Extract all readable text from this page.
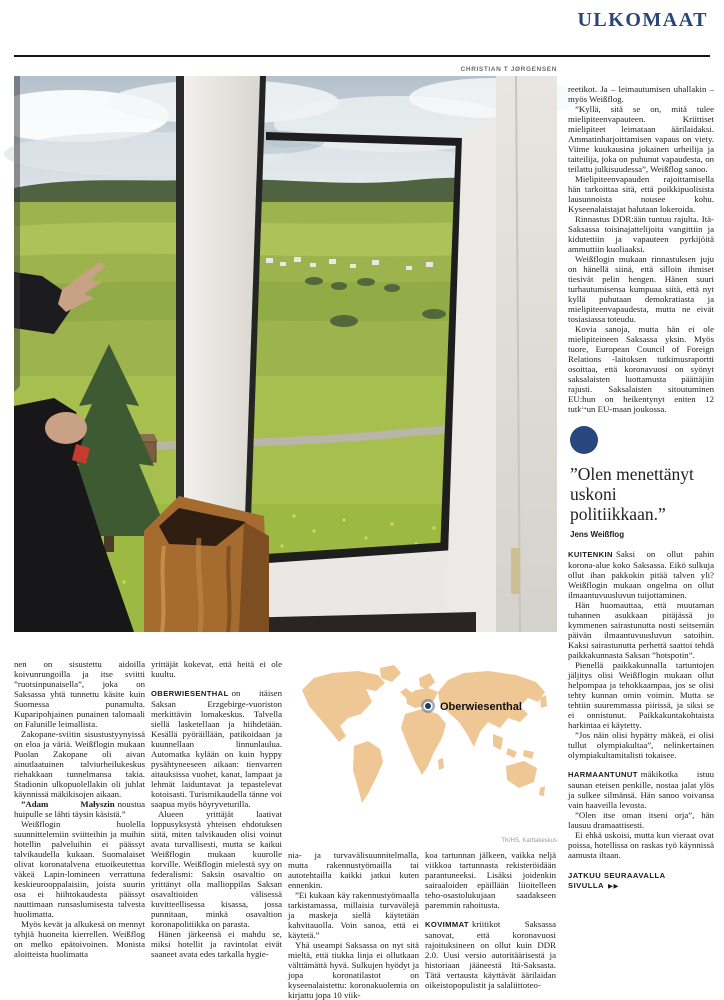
ULKOMAAT
CHRISTIAN T JØRGENSEN

reetikot. Ja – leimautumisen uhallakin – myös Weißflog.

”Kyllä, sitä se on, mitä tulee mielipiteenvapauteen. Kriittiset mielipiteet leimataan äärilaidaksi. Ammatinharjoittamisen vapaus on viety. Viime kuukausina jokainen urheilija ja taiteilija, joka on puhunut vapaudesta, on teilattu julkisuudessa”, Weißflog sanoo.

Mielipiteenvapauden rajoittamisella hän tarkoittaa sitä, että poikkipuolisista lausunnoista nousee kohu. Kyseenalaistajat halutaan lokeroida.

Rinnastus DDR:ään tuntuu rajulta. Itä-Saksassa toisinajattelijoita vangittiin ja kidutettiin ja vapauteen pyrkijöitä ammuttiin kuoliaaksi.

Weißflogin mukaan rinnastuksen juju on hänellä siinä, että silloin ihmiset tiesivät pelin hengen. Hänen suuri turhautumisensa kumpuaa siitä, että nyt kyllä puhutaan demokratiasta ja mielipiteenvapaudesta, mutta ne eivät tosiasiassa toteudu.

Kovia sanoja, mutta hän ei ole mielipiteineen Saksassa yksin. Myös tuore, European Council of Foreign Relations -laitoksen tutkimusraportti osoittaa, että koronavuosi on syönyt saksalaisten luottamusta päättäjiin rajusti. Saksalaisten sitoutuminen EU:hun on heikentynyt eniten 12 tutkitun EU-maan joukossa.

’
”Olen menettänyt uskoni politiikkaan.”
Jens Weißflog

KUITENKIN Saksi on ollut pahin korona-alue koko Saksassa. Eikö sulkuja ollut ihan pakkokin pitää talven yli? Weißflogin mukaan ongelma on ollut ilmaantuvuusluvun tuijottaminen.

Hän huomauttaa, että muutaman tuhannen asukkaan pitäjässä jo kymmenen sairastunutta nosti seitsemän päivän ilmaantuvuusluvun satoihin. Kaksi sairastunutta perhettä saattoi tehdä paikkakunnasta Saksan ”hotspotin”.

Pienellä paikkakunnalla tartuntojen jäljitys olisi Weißflogin mukaan ollut helpompaa ja tehokkaampaa, jos se olisi tehty kunnan omin voimin. Mutta se tehtiin suuremmassa piirissä, ja siksi se ei onnistunut. Paikkakuntakohtaista harkintaa ei käytetty.

”Jos näin olisi hypätty mäkeä, ei olisi tullut olympiakultaa”, nelinkertainen olympiakultamitalisti tokaisee.

HARMAANTUNUT mäkikotka istuu saunan eteisen penkille, nostaa jalat ylös ja sulkee silmänsä. Hän sanoo voivansa vain haaveilla levosta.

”Olen itse oman itseni orja”, hän lausuu dramaattisesti.

Ei ehkä uskoisi, mutta kun vieraat ovat poissa, hotellissa on raskas työ käynnissä aamusta iltaan.

JATKUU SEURAAVALLA SIVULLA ▶▶

nen on sisustettu aidoilla koivunrungoilla ja itse sviitti ”ruotsinpunaisella”, joka on Saksassa yhtä tunnettu käsite kuin Suomessa punamulta. Kuparipohjainen punainen talomaali on Falunille leimallista.

Zakopane-sviitin sisustustyynyissä on eloa ja väriä. Weißflogin mukaan Puolan Zakopane oli aivan ainutlaatuinen talviurheilukeskus riehakkaan tunnelmansa takia. Stadionin ulkopuolellakin oli juhlat käynnissä mäkikisojen aikaan.

”Adam Małyszin noustua huipulle se lähti täysin käsistä.”

Weißflogin huolella suunnittelemiin sviitteihin ja muihin hotellin palveluihin ei päässyt talvikaudella kukaan. Suomalaiset olivat koronatalvena etuoikeutettua väkeä Lapin-lomineen verrattuna keskieurooppalaisiin, joista suurin osa ei hiihtokaudesta päässyt nauttimaan runsaslumisesta talvesta huolimatta.

Myös kevät ja alkukesä on mennyt tyhjiä huoneita kierrellen. Weißflog on melko epätoivoinen. Monista aloitteista huolimatta

yrittäjät kokevat, että heitä ei ole kuultu.

OBERWIESENTHAL on itäisen Saksan Erzgebirge-vuoriston merkittävin lomakeskus. Talvella siellä lasketellaan ja hiihdetään. Kesällä pyöräillään, patikoidaan ja kuunnellaan linnunlaulua. Automatka kylään on kuin hyppy pysähtyneeseen aikaan: tienvarren aitauksissa vuohet, kanat, lampaat ja lehmät laiduntavat ja tepastelevat kotoisasti. Turismikaudella tänne voi saapua myös höyryveturilla.

Alueen yrittäjät laativat loppusyksystä yhteisen ehdotuksen siitä, miten talvikauden olisi voinut avata turvallisesti, mutta se kaikui Weißflogin mukaan kuurolle korville. Weißflogin mielestä syy on federalismi: Saksin osavaltio on yrittänyt olla mallioppilas Saksan osavaltioiden välisessä kuvitteellisessa kisassa, jossa punnitaan, minkä osavaltion koronapolitiikka on parasta.

Hänen järkeensä ei mahdu se, miksi hotellit ja ravintolat eivät saaneet avata edes tarkalla hygie-

Oberwiesenthal
TK/HS, Karttakeskus

nia- ja turvavälisuunnitelmalla, mutta rakennustyömailla tai autotehtailla kaikki jatkui kuten ennenkin.

”Ei kukaan käy rakennustyömaalla tarkistamassa, millaisia turvavälejä ja maskeja siellä käytetään kahvitauolla. Voin sanoa, että ei käytetä.”

Yhä useampi Saksassa on nyt sitä mieltä, että tiukka linja ei ollutkaan välttämättä hyvä. Sulkujen hyödyt ja jopa koronatilastot on kyseenalaistettu: koronakuolemia on kirjattu jopa 10 viik-

koa tartunnan jälkeen, vaikka neljä viikkoa tartunnasta rekisteröidään parantuneeksi. Lisäksi joidenkin sairaaloiden epäillään liioitelleen teho-osastolukujaan saadakseen paremmin rahoitusta.

KOVIMMAT kriitikot Saksassa sanovat, että koronavuosi rajoituksineen on ollut kuin DDR 2.0. Uusi versio autoritäärisestä ja historiaan jääneestä Itä-Saksasta. Tätä vertausta käyttävät äärilaidan oikeistopopulistit ja salaliittoteo-
